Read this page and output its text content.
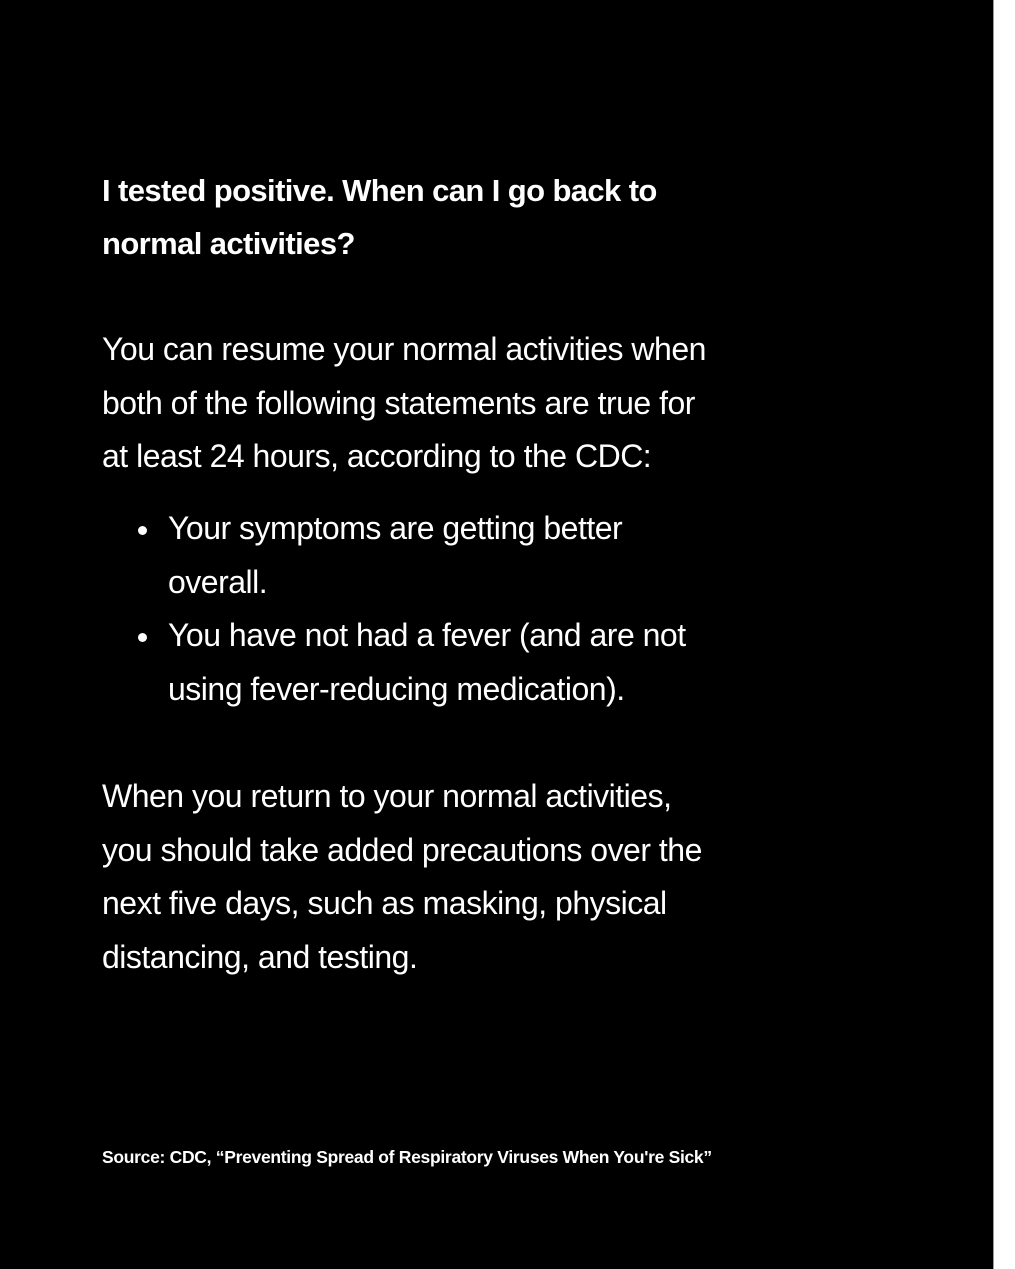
I tested positive. When can I go back to
normal activities?
You can resume your normal activities when
both of the following statements are true for
at least 24 hours, according to the CDC:
Your symptoms are getting better
overall.
You have not had a fever (and are not
using fever-reducing medication).
When you return to your normal activities,
you should take added precautions over the
next five days, such as masking, physical
distancing, and testing.
Source: CDC, “Preventing Spread of Respiratory Viruses When You're Sick”
